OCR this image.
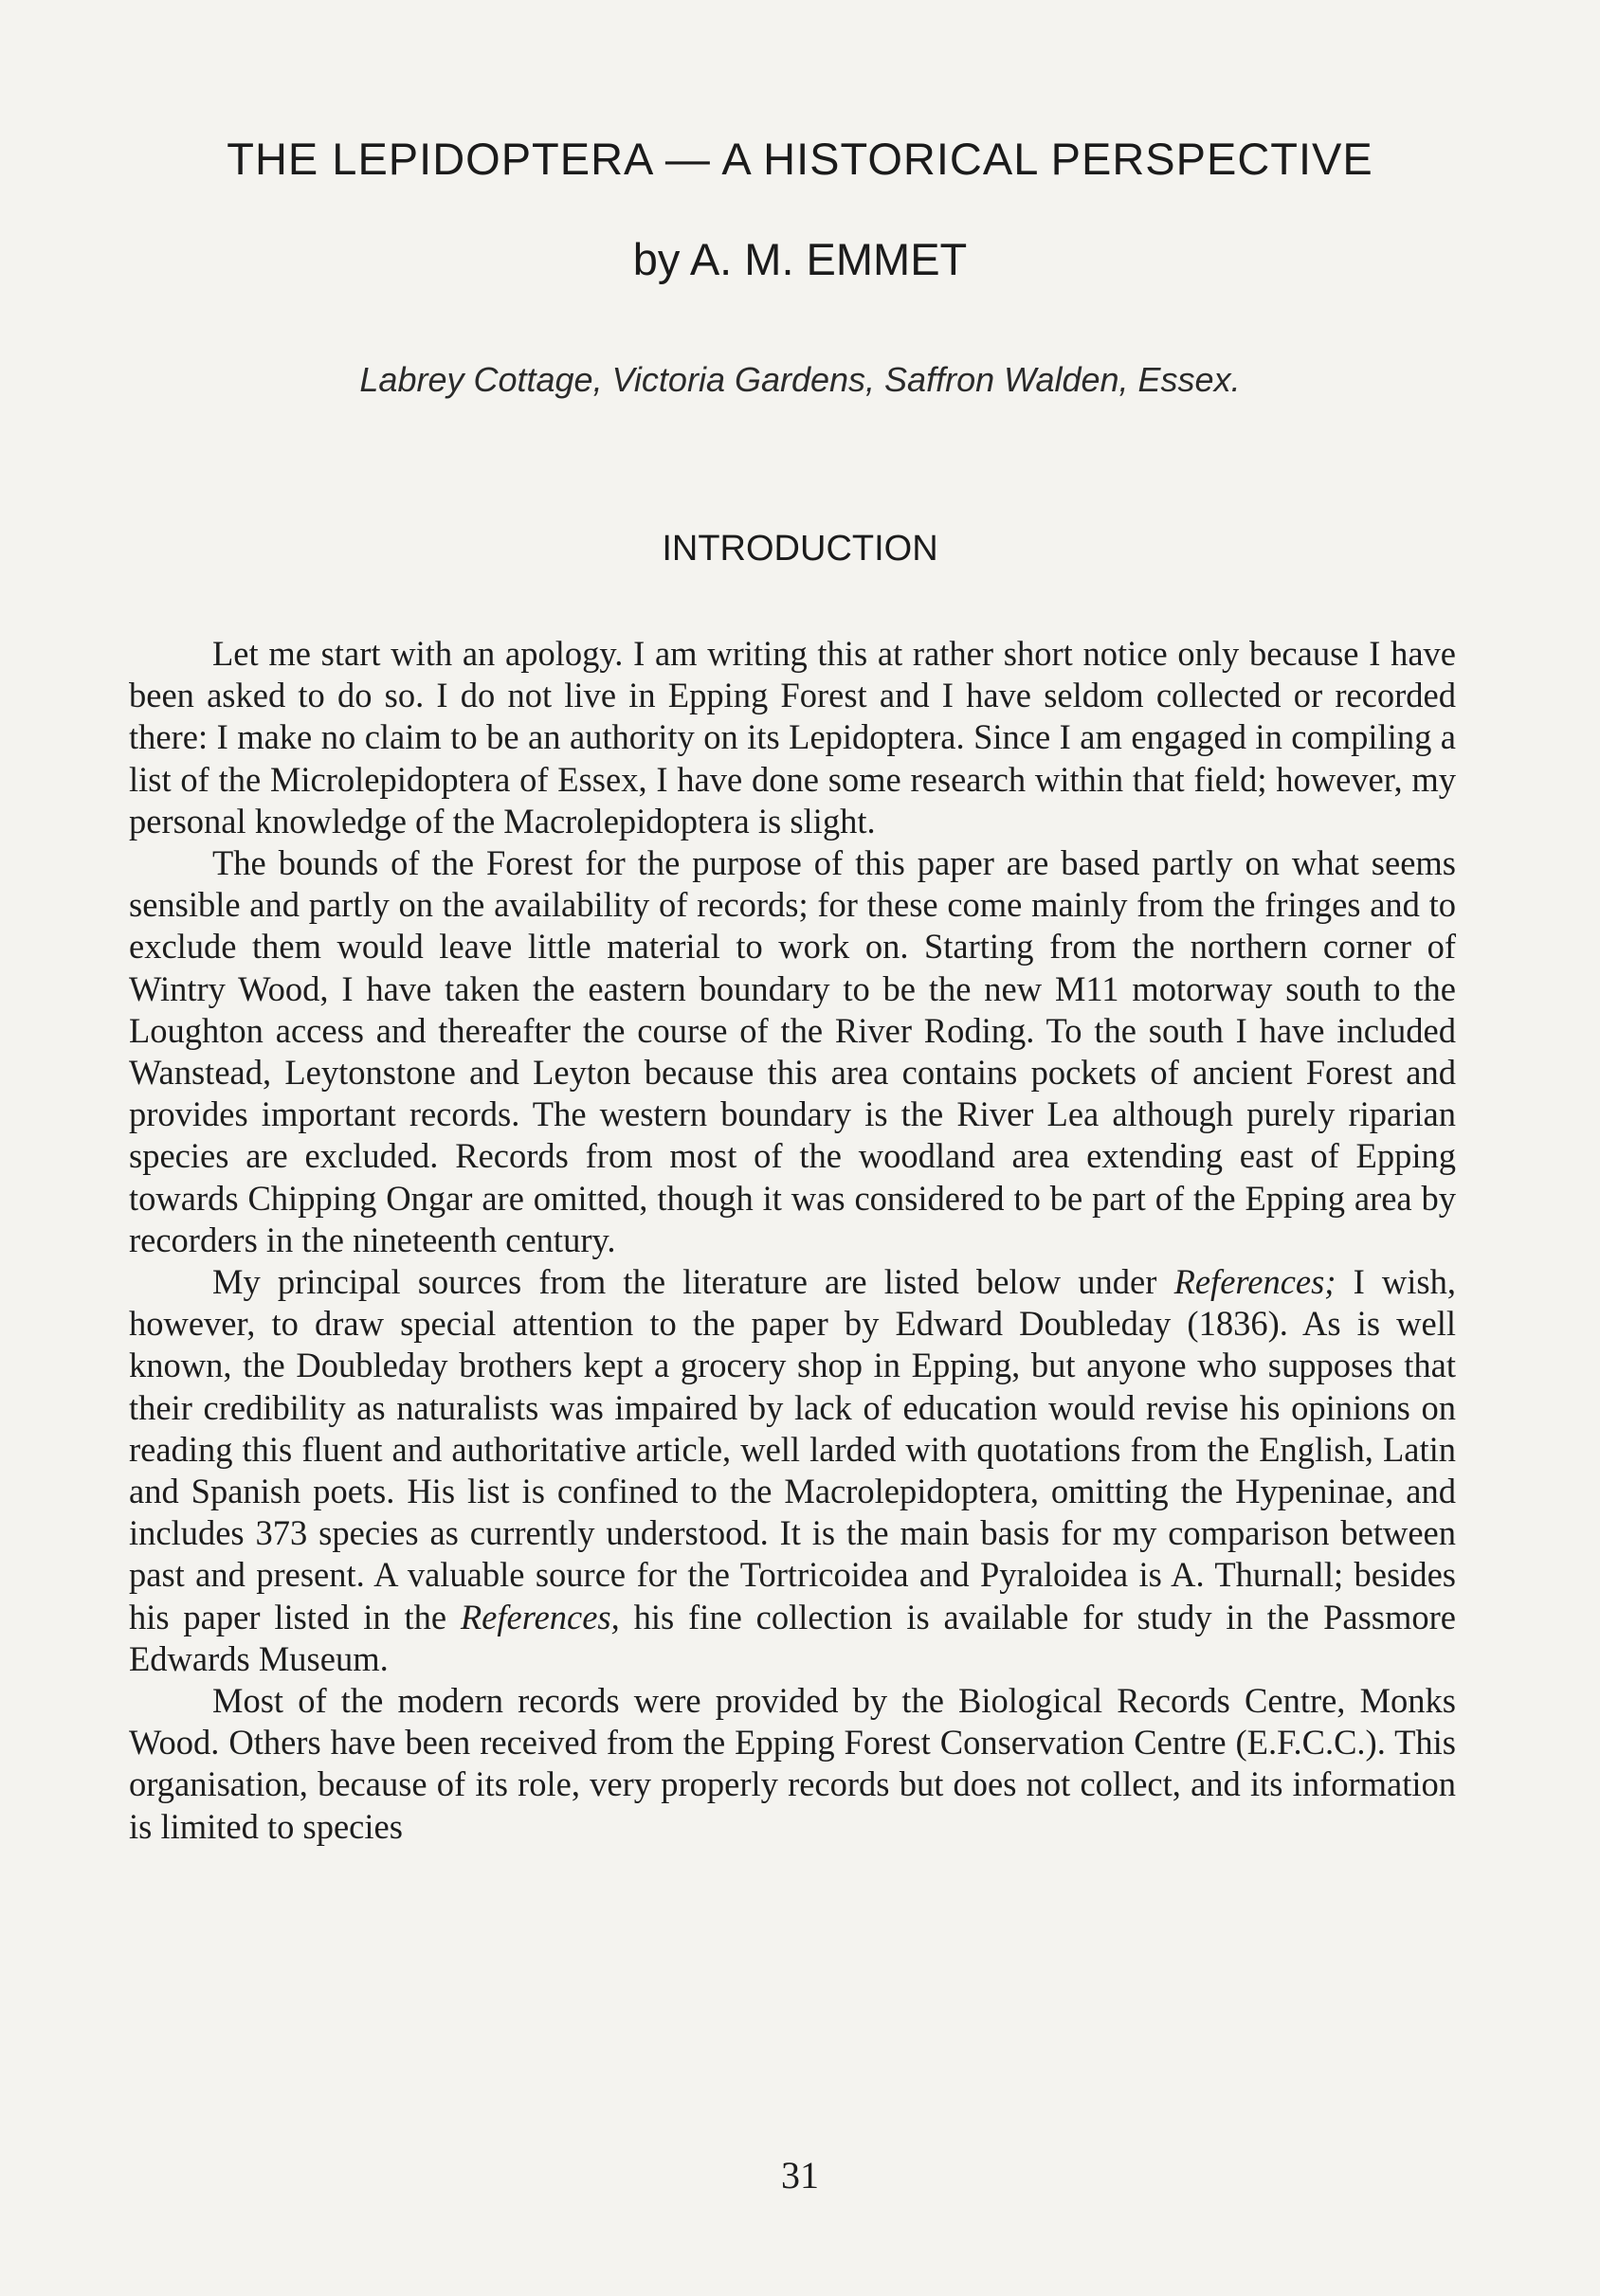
THE LEPIDOPTERA — A HISTORICAL PERSPECTIVE
by A. M. EMMET
Labrey Cottage, Victoria Gardens, Saffron Walden, Essex.
INTRODUCTION

Let me start with an apology. I am writing this at rather short notice only because I have been asked to do so. I do not live in Epping Forest and I have seldom collected or recorded there: I make no claim to be an authority on its Lepidoptera. Since I am engaged in compiling a list of the Microlepidoptera of Essex, I have done some research within that field; however, my personal knowledge of the Macrolepidoptera is slight.

The bounds of the Forest for the purpose of this paper are based partly on what seems sensible and partly on the availability of records; for these come mainly from the fringes and to exclude them would leave little material to work on. Starting from the northern corner of Wintry Wood, I have taken the eastern boundary to be the new M11 motorway south to the Loughton access and thereafter the course of the River Roding. To the south I have included Wanstead, Leytonstone and Leyton because this area contains pockets of ancient Forest and provides important records. The western boundary is the River Lea although purely riparian species are excluded. Records from most of the woodland area extending east of Epping towards Chipping Ongar are omitted, though it was considered to be part of the Epping area by recorders in the nineteenth century.

My principal sources from the literature are listed below under References; I wish, however, to draw special attention to the paper by Edward Doubleday (1836). As is well known, the Doubleday brothers kept a grocery shop in Epping, but anyone who supposes that their credibility as naturalists was impaired by lack of education would revise his opinions on reading this fluent and authoritative article, well larded with quotations from the English, Latin and Spanish poets. His list is confined to the Macrolepidoptera, omitting the Hypeninae, and includes 373 species as currently understood. It is the main basis for my comparison between past and present. A valuable source for the Tortricoidea and Pyraloidea is A. Thurnall; besides his paper listed in the References, his fine collection is available for study in the Passmore Edwards Museum.

Most of the modern records were provided by the Biological Records Centre, Monks Wood. Others have been received from the Epping Forest Conservation Centre (E.F.C.C.). This organisation, because of its role, very properly records but does not collect, and its information is limited to species

31
